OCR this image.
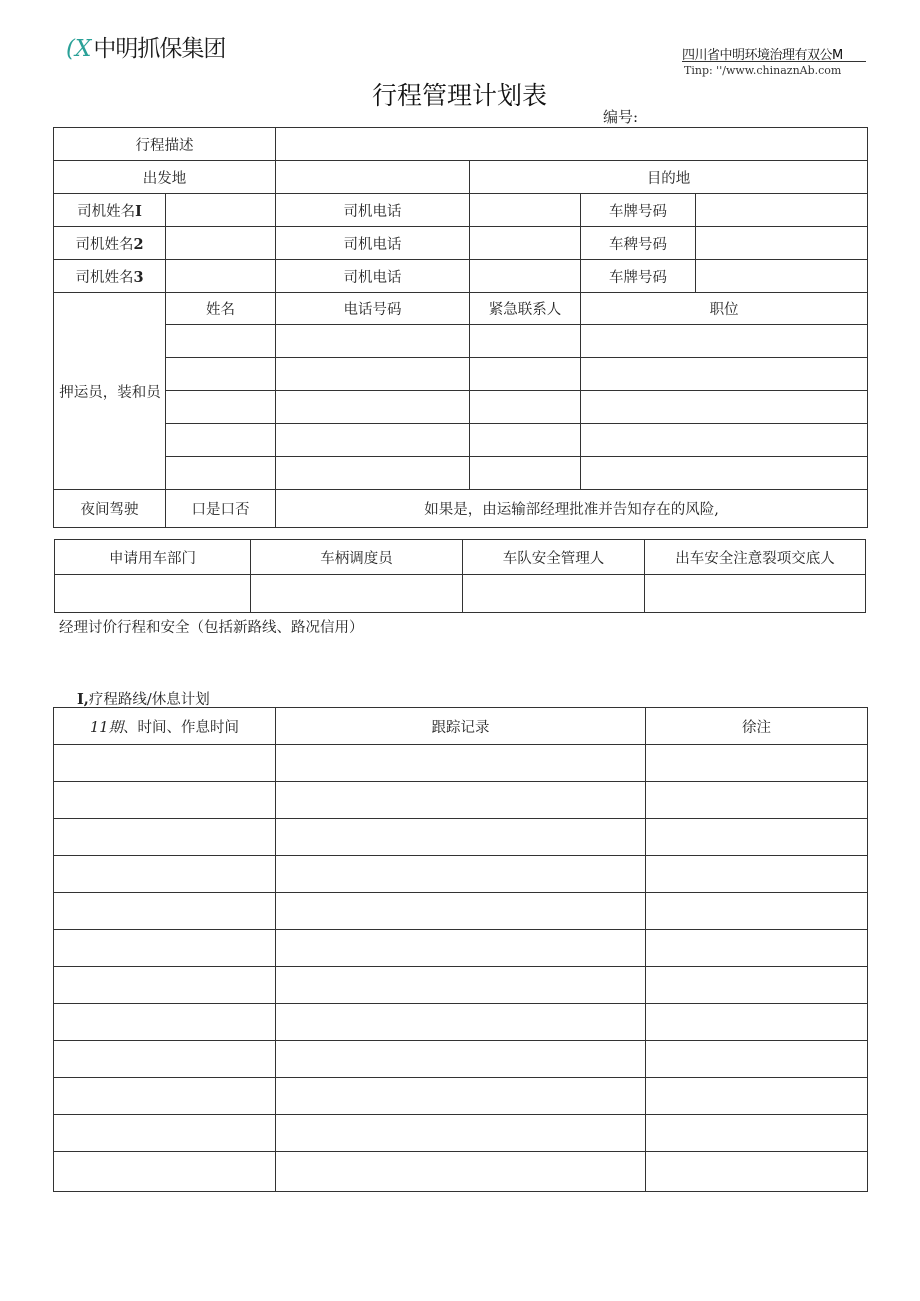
(X中明抓保集团	四川省中明环境治理有双公M
Tinp: ''/www.chinaznAb.com
行程管理计划表
编号:
行程描述					
出发地			目的地		
司机姓名I		司机电话		车牌号码	
司机姓名2		司机电话		车稗号码	
司机姓名3		司机电话		车牌号码	
押运员，装和员	姓名	电话号码	紧急联系人	职位	

夜间驾驶	口是口否	如果是，由运输部经理批准并告知存在的风险,			
申请用车部门	车柄调度员	车队安全管理人	出车安全注意裂项交底人

经理讨价行程和安全（包括新路线、路况信用）
I,疗程路线/休息计划
11期、时间、作息时间	跟踪记录	徐注
